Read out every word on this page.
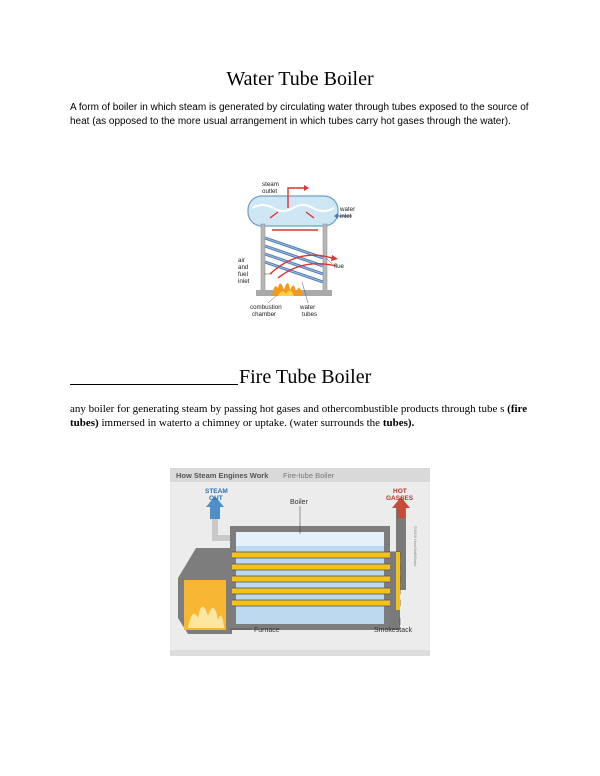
Water Tube Boiler
A form of boiler in which steam is generated by circulating water through tubes exposed to the source of heat (as opposed to the more usual arrangement in which tubes carry hot gases through the water).
steam
outlet
water
inlet
flue
air
and
fuel
inlet
combustion
chamber
water
tubes
Fire Tube Boiler
any boiler for generating steam by passing hot gases and othercombustible products through tube s (fire tubes) immersed in waterto a chimney or uptake. (water surrounds the tubes).
How Steam Engines Work Fire-tube Boiler
STEAM
OUT
HOT
GASSES
Boiler
Furnace	Smokestack
©2006 HowStuffWorks
